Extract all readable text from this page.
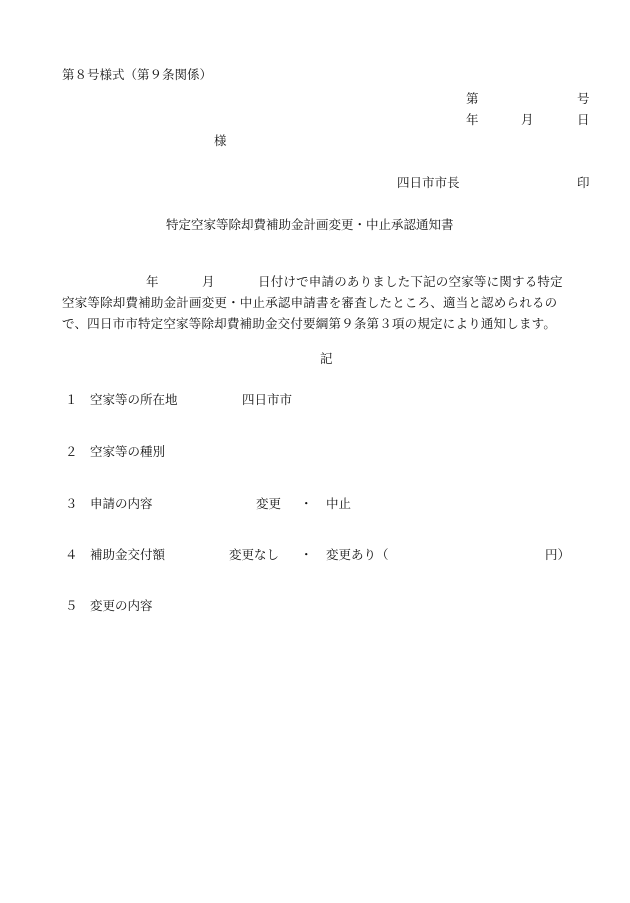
第８号様式（第９条関係）
第	号
年	月	日
様
四日市市長	印
特定空家等除却費補助金計画変更・中止承認通知書
年	月	日付けで申請のありました下記の空家等に関する特定
空家等除却費補助金計画変更・中止承認申請書を審査したところ、適当と認められるの
で、四日市市特定空家等除却費補助金交付要綱第９条第３項の規定により通知します。
記
１ 空家等の所在地	四日市市
２ 空家等の種別
３ 申請の内容	変更 ・ 中止
４ 補助金交付額	変更なし ・ 変更あり（	円）
５ 変更の内容
